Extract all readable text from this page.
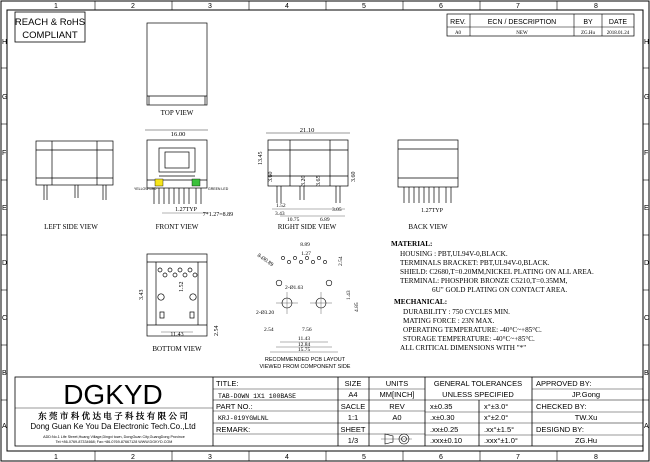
1	2	3	4	5	6	7	8
1	2	3	4	5	6	7	8
H
G
F
E
D
C
B
A
H
G
F
E
D
C
B
A
REACH & RoHS
COMPLIANT
REV.	ECN / DESCRIPTION	BY DATE
A0	NEW	ZG.Hu 2018.01.24
TOP VIEW
LEFT SIDE VIEW
16.00
YELLOW LED	GREEN LED
1.27TYP
7*1.27=8.89
FRONT VIEW
21.10
13.45
3.60	3.20 3.65	3.60
1.52
3.05
3.43
10.75	6.89
RIGHT SIDE VIEW
1.27TYP
BACK VIEW
1.52
3.43
11.43	2.54
BOTTOM VIEW
8.89
1.27
2.54
8-Ø0.89
2-Ø1.63
2-Ø3.20
1.43
4.85
2.54	7.56
11.43
12.84
15.75
RECOMMENDED PCB LAYOUT
VIEWED FROM COMPONENT SIDE
MATERIAL:
HOUSING : PBT,UL94V-0,BLACK.
TERMINALS BRACKET: PBT,UL94V-0,BLACK.
SHIELD: C2680,T=0.20MM,NICKEL PLATING ON ALL AREA.
TERMINAL: PHOSPHOR BRONZE C5210,T=0.35MM,
6U" GOLD PLATING ON CONTACT AREA.
MECHANICAL:
DURABILITY : 750 CYCLES MIN.
MATING FORCE : 23N MAX.
OPERATING TEMPERATURE: -40°C~+85°C.
STORAGE TEMPERATURE: -40°C~+85°C.
ALL CRITICAL DIMENSIONS WITH "*"
DGKYD
东 莞 市 科 优 达 电 子 科 技 有 限 公 司
Dong Guan Ke You Da Electronic Tech.Co.,Ltd
ADD:No.1 Life Street,Huang Village,Dingxi town, DongGuan City,GuangDong Province
Tel:+86-0769-87334668; Fax:+86-0769-87667128 WWW.DGKYD.COM
TITLE:
TAB-DOWN 1X1 100BASE
PART NO.:
KRJ-019YGWLNL
REMARK:
SIZE
A4
UNITS
MM[INCH]
SACLE
1:1
REV
A0
SHEET
1/3
GENERAL TOLERANCES
UNLESS SPECIFIED
x±0.35	x°±3.0°
.x±0.30	x°±2.0°
.xx±0.25	.xx°±1.5°
.xxx±0.10	.xxx°±1.0°
APPROVED BY:
JP.Gong
CHECKED BY:
TW.Xu
DESIGND BY:
ZG.Hu
